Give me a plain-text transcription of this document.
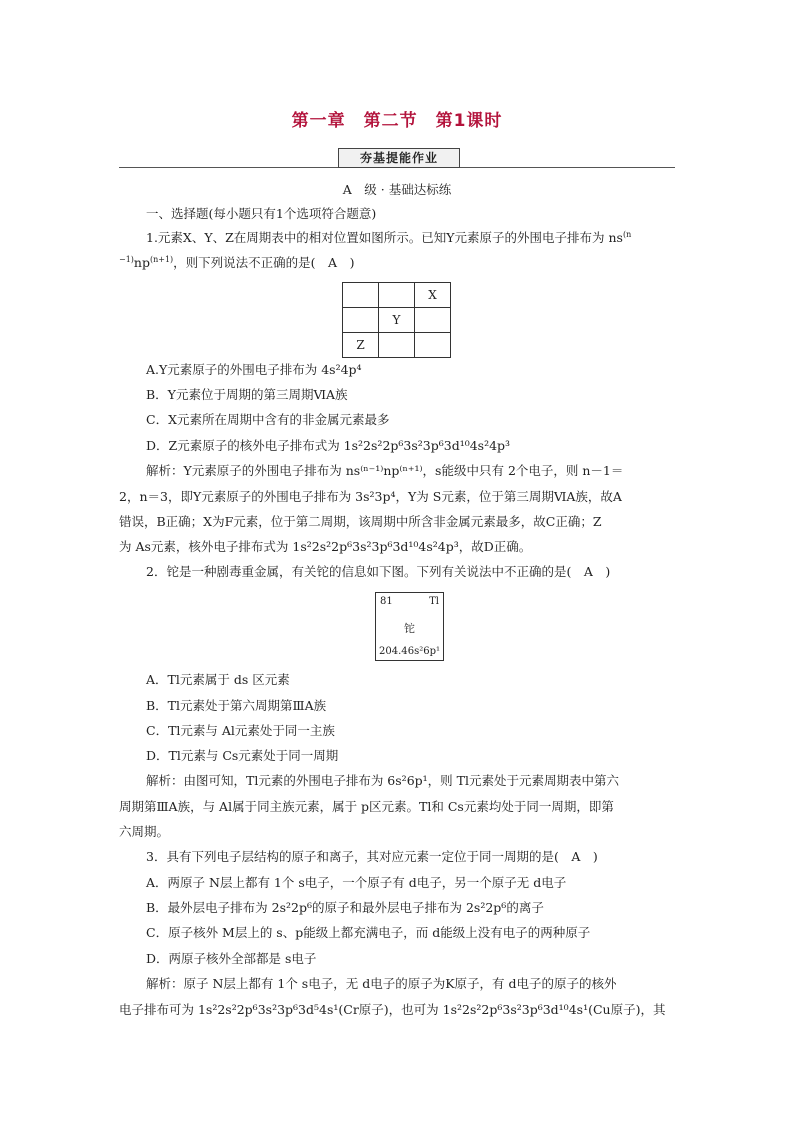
第一章　第二节　第1课时
夯基提能作业
A　级 · 基础达标练
一、选择题(每小题只有1个选项符合题意)
1.元素X、Y、Z在周期表中的相对位置如图所示。已知Y元素原子的外围电子排布为 $ns^{(n}$
$^{-1)}np^{(n+1)}$，则下列说法不正确的是(　A　)
		X
	Y	
Z		
A.Y元素原子的外围电子排布为 4s²4p⁴
B．Y元素位于周期的第三周期ⅥA族
C．X元素所在周期中含有的非金属元素最多
D．Z元素原子的核外电子排布式为 1s²2s²2p⁶3s²3p⁶3d¹⁰4s²4p³
解析：Y元素原子的外围电子排布为 ns⁽ⁿ⁻¹⁾np⁽ⁿ⁺¹⁾，s能级中只有 2个电子，则 n－1＝
2，n＝3，即Y元素原子的外围电子排布为 3s²3p⁴，Y为 S元素，位于第三周期ⅥA族，故A
错误，B正确；X为F元素，位于第二周期，该周期中所含非金属元素最多，故C正确；Z
为 As元素，核外电子排布式为 1s²2s²2p⁶3s²3p⁶3d¹⁰4s²4p³，故D正确。
2．铊是一种剧毒重金属，有关铊的信息如下图。下列有关说法中不正确的是(　A　)
81	Tl
铊
204.4 6s²6p¹
A．Tl元素属于 ds 区元素
B．Tl元素处于第六周期第ⅢA族
C．Tl元素与 Al元素处于同一主族
D．Tl元素与 Cs元素处于同一周期
解析：由图可知，Tl元素的外围电子排布为 6s²6p¹，则 Tl元素处于元素周期表中第六
周期第ⅢA族，与 Al属于同主族元素，属于 p区元素。Tl和 Cs元素均处于同一周期，即第
六周期。
3．具有下列电子层结构的原子和离子，其对应元素一定位于同一周期的是(　A　)
A．两原子 N层上都有 1个 s电子，一个原子有 d电子，另一个原子无 d电子
B．最外层电子排布为 2s²2p⁶的原子和最外层电子排布为 2s²2p⁶的离子
C．原子核外 M层上的 s、p能级上都充满电子，而 d能级上没有电子的两种原子
D．两原子核外全部都是 s电子
解析：原子 N层上都有 1个 s电子，无 d电子的原子为K原子，有 d电子的原子的核外
电子排布可为 1s²2s²2p⁶3s²3p⁶3d⁵4s¹(Cr原子)，也可为 1s²2s²2p⁶3s²3p⁶3d¹⁰4s¹(Cu原子)，其
